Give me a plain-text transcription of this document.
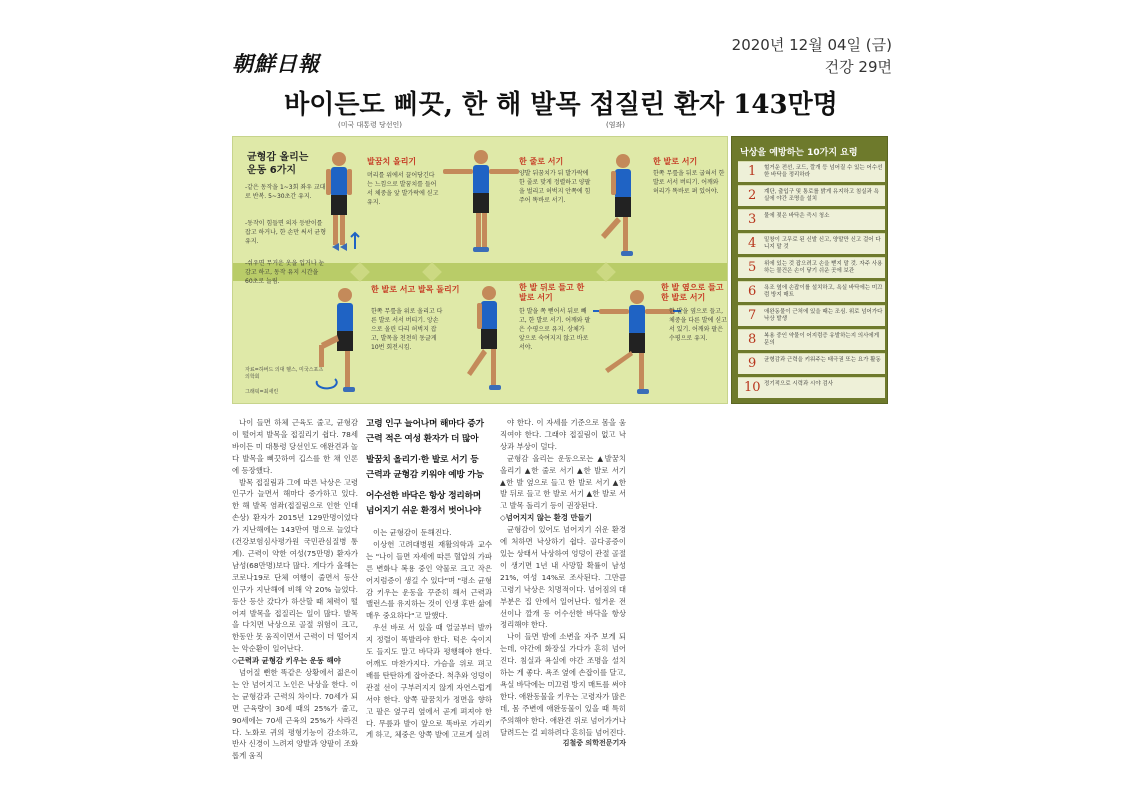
2020년 12월 04일 (금)
건강 29면
朝鮮日報
바이든도 삐끗, 한 해 발목 접질린 환자 143만명
(미국 대통령 당선인)	(염좌)
균형감 올리는 운동 6가지
-같은 동작을 1~3회 좌우 교대로 반복. 5~30초간 유지.
-동작이 힘들면 의자 등받이를 잡고 하거나, 한 손만 써서 균형 유지.
-쉬우면 무거운 옷을 입거나 눈 감고 하고, 동작 유지 시간을 60초로 늘림.
자료=하버드 의대 헬스, 미국스포츠의학회
그래픽=최새린
발꿈치 올리기
머리를 위에서 끌어당긴다는 느낌으로 발꿈치를 들어서 체중을 앞 발가락에 싣고 유지.
한 줄로 서기
양발 뒤꿈치가 뒤 발가락에 한 줄로 맞게 정렬하고 양팔을 벌리고 허벅지 안쪽에 힘주어 똑바로 서기.
한 발로 서기
한쪽 무릎을 뒤로 굽혀서 한 발로 서서 버티기. 어깨와 허리가 똑바로 펴 있어야.
한 발로 서고 발목 돌리기
한쪽 무릎을 위로 올리고 다른 발로 서서 버티기. 앙손으로 올린 다리 허벅지 잡고, 발목을 천천히 동글게 10번 회전시킴.
한 발 뒤로 들고 한 발로 서기
한 발을 쪽 뻗어서 뒤로 빼고, 한 발로 서기. 어깨와 팔은 수평으로 유지. 상체가 앞으로 숙여지지 않고 바로 서야.
한 발 옆으로 들고 한 발로 서기
한 발을 옆으로 들고, 체중을 다른 발에 싣고 서 있기. 어깨와 팔은 수평으로 유지.
낙상을 예방하는 10가지 요령
1 헐거운 전선, 코드, 깔개 등 넘어질 수 있는 어수선한 바닥을 정리하라
2 계단, 출입구 및 통로를 밝게 유지하고 침실과 욕실에 야간 조명을 설치
3 물에 젖은 바닥은 즉시 청소
4 밑창이 고무로 된 신발 신고, 양말만 신고 걸어 다니지 말 것
5 위에 있는 것 잡으려고 손을 뻗지 말 것. 자주 사용하는 물건은 손이 닿기 쉬운 곳에 보관
6 욕조 옆에 손잡이를 설치하고, 욕실 바닥에는 미끄럼 방지 매트
7 애완동물이 근처에 있을 때는 조심. 위로 넘어가다 낙상 발생
8 복용 중인 약물이 어지럼증 유발하는지 의사에게 문의
9 균형감과 근력을 키워주는 태극권 또는 요가 활동
10 정기적으로 시력과 시야 검사

나이 들면 하체 근육도 줄고, 균형감이 떨어져 발목을 접질리기 쉽다. 78세 바이든 미 대통령 당선인도 애완견과 놀다 발목을 삐끗하여 깁스를 한 채 인론에 등장했다.

발목 접질림과 그에 따른 낙상은 고령 인구가 늘면서 해마다 증가하고 있다. 한 해 발목 염좌(접질림으로 인한 인대 손상) 환자가 2015년 129만명이었다가 지난해에는 143만여 명으로 늘었다(건강보험심사평가원 국민관심질병 통계). 근력이 약한 여성(75만명) 환자가 남성(68만명)보다 많다. 게다가 올해는 코로나19로 단체 여행이 줄면서 등산 인구가 지난해에 비해 약 20% 늘었다. 등산 등산 갔다가 하산할 때 체력이 떨어져 발목을 접질리는 일이 많다. 발목을 다치면 낙상으로 골절 위험이 크고, 한동안 못 움직이면서 근력이 더 떨어지는 악순환이 일어난다.

◇근력과 균형감 키우는 운동 해야

넘어질 뻔한 똑같은 상황에서 젊은이는 안 넘어지고 노인은 낙상을 한다. 이는 균형감과 근력의 차이다. 70세가 되면 근육량이 30세 때의 25%가 줄고, 90세에는 70세 근육의 25%가 사라진다. 노화로 귀의 평형기능이 감소하고, 반사 신경이 느려져 양발과 양팔이 조화롭게 움직

고령 인구 늘어나며 해마다 증가
근력 적은 여성 환자가 더 많아
발꿈치 올리기·한 발로 서기 등
근력과 균형감 키워야 예방 가능
어수선한 바닥은 항상 정리하며
넘어지기 쉬운 환경서 벗어나야

이는 균형감이 둔해진다.

이상헌 고려대병원 재활의학과 교수는 "나이 들면 자세에 따른 혈압의 가파른 변화나 복용 중인 약물로 크고 작은 어지럼증이 생길 수 있다"며 "평소 균형감 키우는 운동을 꾸준히 해서 근력과 밸런스를 유지하는 것이 인생 후반 삶에 매우 중요하다"고 말했다.

우선 바로 서 있을 때 얼굴부터 발까지 정렬이 똑발라야 한다. 턱은 숙이지도 들지도 말고 바닥과 평행해야 한다. 어깨도 마찬가지다. 가슴을 위로 펴고 배를 탄탄하게 잡아준다. 척추와 엉덩이 관절 선이 구부러지지 않게 자연스럽게 서야 한다. 양쪽 팔꿈치가 정면을 향하고 팔은 옆구리 옆에서 곧게 펴져야 한다. 무릎과 발이 앞으로 똑바로 가리키게 하고, 체중은 양쪽 발에 고르게 실려

야 한다. 이 자세를 기준으로 몸을 움직여야 한다. 그래야 접질림이 없고 낙상과 부상이 덜다.

균형감 올리는 운동으로는 ▲발꿈치 올리기 ▲한 줄로 서기 ▲한 발로 서기 ▲한 발 옆으로 들고 한 발로 서기 ▲한 발 뒤로 들고 한 발로 서기 ▲한 발로 서고 발목 돌리기 등이 권장된다.

◇넘어지지 않는 환경 만들기

균형감이 있어도 넘어지기 쉬운 환경에 처하면 낙상하기 쉽다. 골다공증이 있는 상태서 낙상하여 엉덩이 관절 골절이 생기면 1년 내 사망할 확률이 남성 21%, 여성 14%로 조사된다. 그만큼 고령기 낙상은 치명적이다. 넘어짐의 대부분은 집 안에서 일어난다. 헐거운 전선이나 깔개 등 어수선한 바닥을 항상 정리해야 한다.

나이 들면 밤에 소변을 자주 보게 되는데, 야간에 화장실 가다가 흔히 넘어진다. 침실과 욕실에 야간 조명을 설치하는 게 좋다. 욕조 옆에 손잡이를 달고, 욕실 바닥에는 미끄럼 방지 매트를 써야 한다. 애완동물을 키우는 고령자가 많은데, 몸 주변에 애완동물이 있을 때 특히 주의해야 한다. 애완견 위로 넘어가거나 달려드는 걸 피하려다 흔히들 넘어진다.

김철중 의학전문기자
